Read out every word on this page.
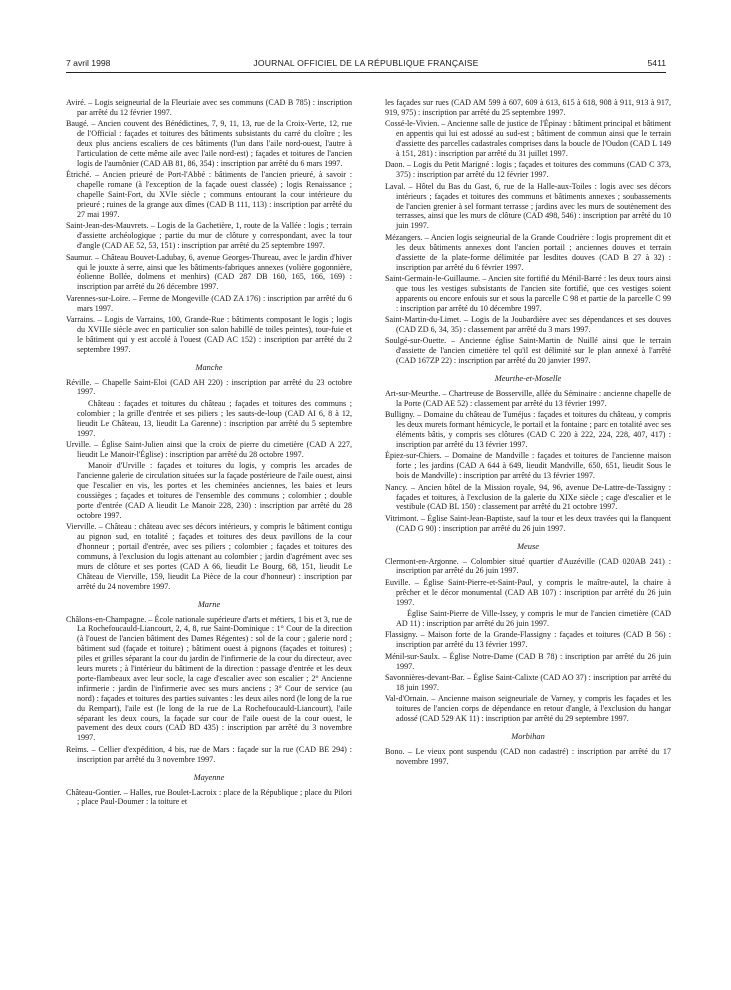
7 avril 1998	JOURNAL OFFICIEL DE LA RÉPUBLIQUE FRANÇAISE	5411

Aviré. – Logis seigneurial de la Fleuriaie avec ses communs (CAD B 785) : inscription par arrêté du 12 février 1997.

Baugé. – Ancien couvent des Bénédictines, 7, 9, 11, 13, rue de la Croix-Verte, 12, rue de l'Official : façades et toitures des bâtiments subsistants du carré du cloître ; les deux plus anciens escaliers de ces bâtiments (l'un dans l'aile nord-ouest, l'autre à l'articulation de cette même aile avec l'aile nord-est) ; façades et toitures de l'ancien logis de l'aumônier (CAD AB 81, 86, 354) : inscription par arrêté du 6 mars 1997.

Étriché. – Ancien prieuré de Port-l'Abbé : bâtiments de l'ancien prieuré, à savoir : chapelle romane (à l'exception de la façade ouest classée) ; logis Renaissance ; chapelle Saint-Fort, du XVIe siècle ; communs entourant la cour intérieure du prieuré ; ruines de la grange aux dîmes (CAD B 111, 113) : inscription par arrêté du 27 mai 1997.

Saint-Jean-des-Mauvrets. – Logis de la Gachetière, 1, route de la Vallée : logis ; terrain d'assiette archéologique ; partie du mur de clôture y correspondant, avec la tour d'angle (CAD AE 52, 53, 151) : inscription par arrêté du 25 septembre 1997.

Saumur. – Château Bouvet-Ladubay, 6, avenue Georges-Thureau, avec le jardin d'hiver qui le jouxte à serre, ainsi que les bâtiments-fabriques annexes (volière gogonnière, éolienne Bollée, dolmens et menhirs) (CAD 287 DB 160, 165, 166, 169) : inscription par arrêté du 26 décembre 1997.

Varennes-sur-Loire. – Ferme de Mongeville (CAD ZA 176) : inscription par arrêté du 6 mars 1997.

Varrains. – Logis de Varrains, 100, Grande-Rue : bâtiments composant le logis ; logis du XVIIIe siècle avec en particulier son salon habillé de toiles peintes), tour-fuie et le bâtiment qui y est accolé à l'ouest (CAD AC 152) : inscription par arrêté du 2 septembre 1997.

Manche

Réville. – Chapelle Saint-Eloi (CAD AH 220) : inscription par arrêté du 23 octobre 1997.

Château : façades et toitures du château ; façades et toitures des communs ; colombier ; la grille d'entrée et ses piliers ; les sauts-de-loup (CAD AI 6, 8 à 12, lieudit Le Château, 13, lieudit La Garenne) : inscription par arrêté du 5 septembre 1997.

Urville. – Église Saint-Julien ainsi que la croix de pierre du cimetière (CAD A 227, lieudit Le Manoir-l'Église) : inscription par arrêté du 28 octobre 1997.

Manoir d'Urville : façades et toitures du logis, y compris les arcades de l'ancienne galerie de circulation situées sur la façade postérieure de l'aile ouest, ainsi que l'escalier en vis, les portes et les cheminées anciennes, les baies et leurs coussièges ; façades et toitures de l'ensemble des communs ; colombier ; double porte d'entrée (CAD A lieudit Le Manoir 228, 230) : inscription par arrêté du 28 octobre 1997.

Vierville. – Château : château avec ses décors intérieurs, y compris le bâtiment contigu au pignon sud, en totalité ; façades et toitures des deux pavillons de la cour d'honneur ; portail d'entrée, avec ses piliers ; colombier ; façades et toitures des communs, à l'exclusion du logis attenant au colombier ; jardin d'agrément avec ses murs de clôture et ses portes (CAD A 66, lieudit Le Bourg, 68, 151, lieudit Le Château de Vierville, 159, lieudit La Pièce de la cour d'honneur) : inscription par arrêté du 24 novembre 1997.

Marne

Châlons-en-Champagne. – École nationale supérieure d'arts et métiers, 1 bis et 3, rue de La Rochefoucauld-Liancourt, 2, 4, 8, rue Saint-Dominique : 1° Cour de la direction (à l'ouest de l'ancien bâtiment des Dames Régentes) : sol de la cour ; galerie nord ; bâtiment sud (façade et toiture) ; bâtiment ouest à pignons (façades et toitures) ; piles et grilles séparant la cour du jardin de l'infirmerie de la cour du directeur, avec leurs murets ; à l'intérieur du bâtiment de la direction : passage d'entrée et les deux porte-flambeaux avec leur socle, la cage d'escalier avec son escalier ; 2° Ancienne infirmerie : jardin de l'infirmerie avec ses murs anciens ; 3° Cour de service (au nord) : façades et toitures des parties suivantes : les deux ailes nord (le long de la rue du Rempart), l'aile est (le long de la rue de La Rochefoucauld-Liancourt), l'aile séparant les deux cours, la façade sur cour de l'aile ouest de la cour ouest, le pavement des deux cours (CAD BD 435) : inscription par arrêté du 3 novembre 1997.

Reims. – Cellier d'expédition, 4 bis, rue de Mars : façade sur la rue (CAD BE 294) : inscription par arrêté du 3 novembre 1997.

Mayenne

Château-Gontier. – Halles, rue Boulet-Lacroix : place de la République ; place du Pilori ; place Paul-Doumer : la toiture et

les façades sur rues (CAD AM 599 à 607, 609 à 613, 615 à 618, 908 à 911, 913 à 917, 919, 975) : inscription par arrêté du 25 septembre 1997.

Cossé-le-Vivien. – Ancienne salle de justice de l'Épinay : bâtiment principal et bâtiment en appentis qui lui est adossé au sud-est ; bâtiment de commun ainsi que le terrain d'assiette des parcelles cadastrales comprises dans la boucle de l'Oudon (CAD L 149 à 151, 281) : inscription par arrêté du 31 juillet 1997.

Daon. – Logis du Petit Marigné : logis ; façades et toitures des communs (CAD C 373, 375) : inscription par arrêté du 12 février 1997.

Laval. – Hôtel du Bas du Gast, 6, rue de la Halle-aux-Toiles : logis avec ses décors intérieurs ; façades et toitures des communs et bâtiments annexes ; soubassements de l'ancien grenier à sel formant terrasse ; jardins avec les murs de soutènement des terrasses, ainsi que les murs de clôture (CAD 498, 546) : inscription par arrêté du 10 juin 1997.

Mézangers. – Ancien logis seigneurial de la Grande Coudrière : logis proprement dit et les deux bâtiments annexes dont l'ancien portail ; anciennes douves et terrain d'assiette de la plate-forme délimitée par lesdites douves (CAD B 27 à 32) : inscription par arrêté du 6 février 1997.

Saint-Germain-le-Guillaume. – Ancien site fortifié du Ménil-Barré : les deux tours ainsi que tous les vestiges subsistants de l'ancien site fortifié, que ces vestiges soient apparents ou encore enfouis sur et sous la parcelle C 98 et partie de la parcelle C 99 : inscription par arrêté du 10 décembre 1997.

Saint-Martin-du-Limet. – Logis de la Joubardière avec ses dépendances et ses douves (CAD ZD 6, 34, 35) : classement par arrêté du 3 mars 1997.

Soulgé-sur-Ouette. – Ancienne église Saint-Martin de Nuillé ainsi que le terrain d'assiette de l'ancien cimetière tel qu'il est délimité sur le plan annexé à l'arrêté (CAD 167ZP 22) : inscription par arrêté du 20 janvier 1997.

Meurthe-et-Moselle

Art-sur-Meurthe. – Chartreuse de Bosserville, allée du Séminaire : ancienne chapelle de la Porte (CAD AE 52) : classement par arrêté du 13 février 1997.

Bulligny. – Domaine du château de Tuméjus : façades et toitures du château, y compris les deux murets formant hémicycle, le portail et la fontaine ; parc en totalité avec ses éléments bâtis, y compris ses clôtures (CAD C 220 à 222, 224, 228, 407, 417) : inscription par arrêté du 13 février 1997.

Épiez-sur-Chiers. – Domaine de Mandville : façades et toitures de l'ancienne maison forte ; les jardins (CAD A 644 à 649, lieudit Mandville, 650, 651, lieudit Sous le bois de Mandville) : inscription par arrêté du 13 février 1997.

Nancy. – Ancien hôtel de la Mission royale, 94, 96, avenue De-Lattre-de-Tassigny : façades et toitures, à l'exclusion de la galerie du XIXe siècle ; cage d'escalier et le vestibule (CAD BL 150) : classement par arrêté du 21 octobre 1997.

Vitrimont. – Église Saint-Jean-Baptiste, sauf la tour et les deux travées qui la flanquent (CAD G 90) : inscription par arrêté du 26 juin 1997.

Meuse

Clermont-en-Argonne. – Colombier situé quartier d'Auzéville (CAD 020AB 241) : inscription par arrêté du 26 juin 1997.

Euville. – Église Saint-Pierre-et-Saint-Paul, y compris le maître-autel, la chaire à prêcher et le décor monumental (CAD AB 107) : inscription par arrêté du 26 juin 1997.

Église Saint-Pierre de Ville-Issey, y compris le mur de l'ancien cimetière (CAD AD 11) : inscription par arrêté du 26 juin 1997.

Flassigny. – Maison forte de la Grande-Flassigny : façades et toitures (CAD B 56) : inscription par arrêté du 13 février 1997.

Ménil-sur-Saulx. – Église Notre-Dame (CAD B 78) : inscription par arrêté du 26 juin 1997.

Savonnières-devant-Bar. – Église Saint-Calixte (CAD AO 37) : inscription par arrêté du 18 juin 1997.

Val-d'Ornain. – Ancienne maison seigneuriale de Varney, y compris les façades et les toitures de l'ancien corps de dépendance en retour d'angle, à l'exclusion du hangar adossé (CAD 529 AK 11) : inscription par arrêté du 29 septembre 1997.

Morbihan

Bono. – Le vieux pont suspendu (CAD non cadastré) : inscription par arrêté du 17 novembre 1997.
